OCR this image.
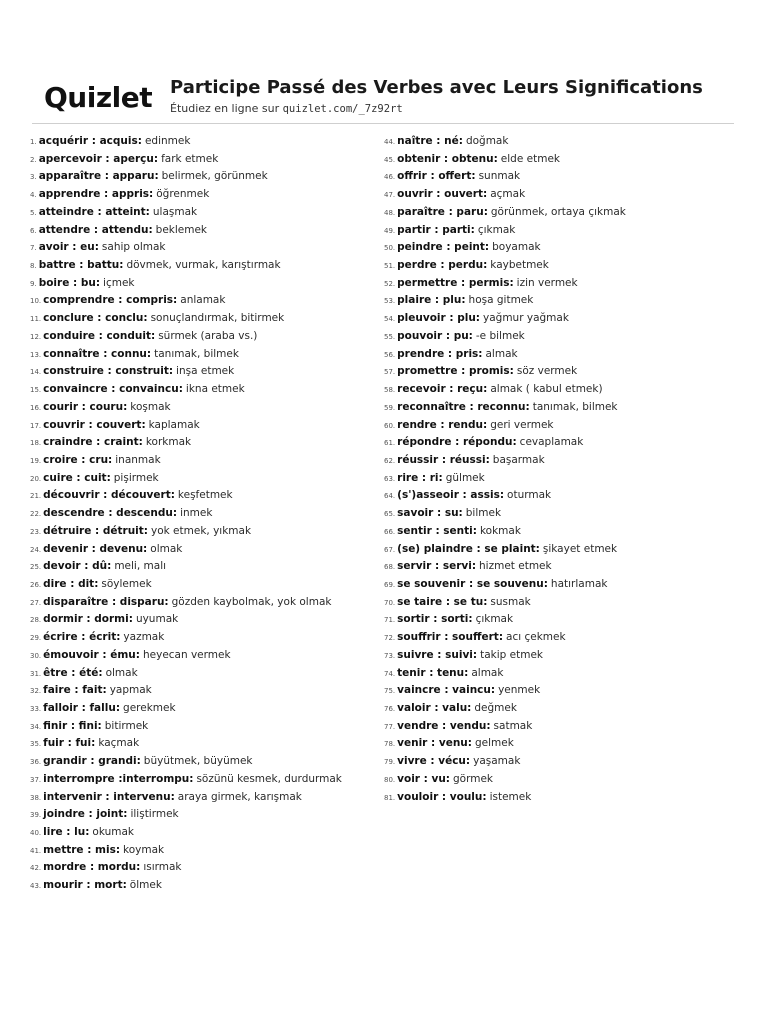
Quizlet Participe Passé des Verbes avec Leurs Significations
Étudiez en ligne sur quizlet.com/_7z92rt
1. acquérir : acquis: edinmek
2. apercevoir : aperçu: fark etmek
3. apparaître : apparu: belirmek, görünmek
4. apprendre : appris: öğrenmek
5. atteindre : atteint: ulaşmak
6. attendre : attendu: beklemek
7. avoir : eu: sahip olmak
8. battre : battu: dövmek, vurmak, karıştırmak
9. boire : bu: içmek
10. comprendre : compris: anlamak
11. conclure : conclu: sonuçlandırmak, bitirmek
12. conduire : conduit: sürmek (araba vs.)
13. connaître : connu: tanımak, bilmek
14. construire : construit: inşa etmek
15. convaincre : convaincu: ikna etmek
16. courir : couru: koşmak
17. couvrir : couvert: kaplamak
18. craindre : craint: korkmak
19. croire : cru: inanmak
20. cuire : cuit: pişirmek
21. découvrir : découvert: keşfetmek
22. descendre : descendu: inmek
23. détruire : détruit: yok etmek, yıkmak
24. devenir : devenu: olmak
25. devoir : dû: meli, malı
26. dire : dit: söylemek
27. disparaître : disparu: gözden kaybolmak, yok olmak
28. dormir : dormi: uyumak
29. écrire : écrit: yazmak
30. émouvoir : ému: heyecan vermek
31. être : été: olmak
32. faire : fait: yapmak
33. falloir : fallu: gerekmek
34. finir : fini: bitirmek
35. fuir : fui: kaçmak
36. grandir : grandi: büyütmek, büyümek
37. interrompre :interrompu: sözünü kesmek, durdurmak
38. intervenir : intervenu: araya girmek, karışmak
39. joindre : joint: iliştirmek
40. lire : lu: okumak
41. mettre : mis: koymak
42. mordre : mordu: ısırmak
43. mourir : mort: ölmek
44. naître : né: doğmak
45. obtenir : obtenu: elde etmek
46. offrir : offert: sunmak
47. ouvrir : ouvert: açmak
48. paraître : paru: görünmek, ortaya çıkmak
49. partir : parti: çıkmak
50. peindre : peint: boyamak
51. perdre : perdu: kaybetmek
52. permettre : permis: izin vermek
53. plaire : plu: hoşa gitmek
54. pleuvoir : plu: yağmur yağmak
55. pouvoir : pu: -e bilmek
56. prendre : pris: almak
57. promettre : promis: söz vermek
58. recevoir : reçu: almak ( kabul etmek)
59. reconnaître : reconnu: tanımak, bilmek
60. rendre : rendu: geri vermek
61. répondre : répondu: cevaplamak
62. réussir : réussi: başarmak
63. rire : ri: gülmek
64. (s')asseoir : assis: oturmak
65. savoir : su: bilmek
66. sentir : senti: kokmak
67. (se) plaindre : se plaint: şikayet etmek
68. servir : servi: hizmet etmek
69. se souvenir : se souvenu: hatırlamak
70. se taire : se tu: susmak
71. sortir : sorti: çıkmak
72. souffrir : souffert: acı çekmek
73. suivre : suivi: takip etmek
74. tenir : tenu: almak
75. vaincre : vaincu: yenmek
76. valoir : valu: değmek
77. vendre : vendu: satmak
78. venir : venu: gelmek
79. vivre : vécu: yaşamak
80. voir : vu: görmek
81. vouloir : voulu: istemek
